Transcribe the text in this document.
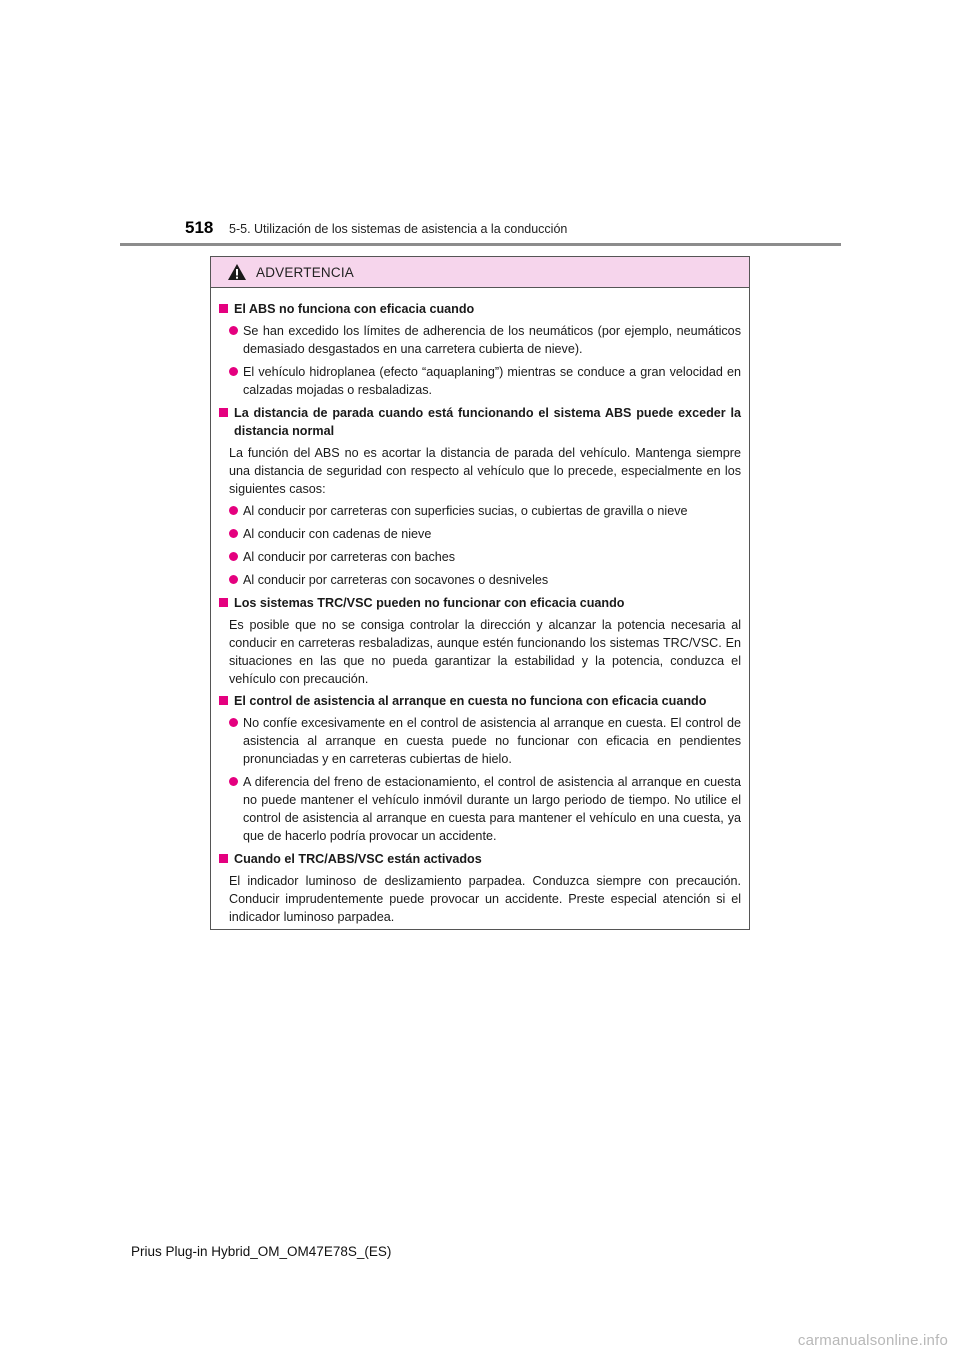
518 5-5. Utilización de los sistemas de asistencia a la conducción
ADVERTENCIA
El ABS no funciona con eficacia cuando
Se han excedido los límites de adherencia de los neumáticos (por ejemplo, neumáticos demasiado desgastados en una carretera cubierta de nieve).
El vehículo hidroplanea (efecto “aquaplaning”) mientras se conduce a gran velocidad en calzadas mojadas o resbaladizas.
La distancia de parada cuando está funcionando el sistema ABS puede exceder la distancia normal
La función del ABS no es acortar la distancia de parada del vehículo. Mantenga siempre una distancia de seguridad con respecto al vehículo que lo precede, especialmente en los siguientes casos:
Al conducir por carreteras con superficies sucias, o cubiertas de gravilla o nieve
Al conducir con cadenas de nieve
Al conducir por carreteras con baches
Al conducir por carreteras con socavones o desniveles
Los sistemas TRC/VSC pueden no funcionar con eficacia cuando
Es posible que no se consiga controlar la dirección y alcanzar la potencia necesaria al conducir en carreteras resbaladizas, aunque estén funcionando los sistemas TRC/VSC. En situaciones en las que no pueda garantizar la estabilidad y la potencia, conduzca el vehículo con precaución.
El control de asistencia al arranque en cuesta no funciona con eficacia cuando
No confíe excesivamente en el control de asistencia al arranque en cuesta. El control de asistencia al arranque en cuesta puede no funcionar con eficacia en pendientes pronunciadas y en carreteras cubiertas de hielo.
A diferencia del freno de estacionamiento, el control de asistencia al arranque en cuesta no puede mantener el vehículo inmóvil durante un largo periodo de tiempo. No utilice el control de asistencia al arranque en cuesta para mantener el vehículo en una cuesta, ya que de hacerlo podría provocar un accidente.
Cuando el TRC/ABS/VSC están activados
El indicador luminoso de deslizamiento parpadea. Conduzca siempre con precaución. Conducir imprudentemente puede provocar un accidente. Preste especial atención si el indicador luminoso parpadea.
Prius Plug-in Hybrid_OM_OM47E78S_(ES)
carmanualsonline.info
